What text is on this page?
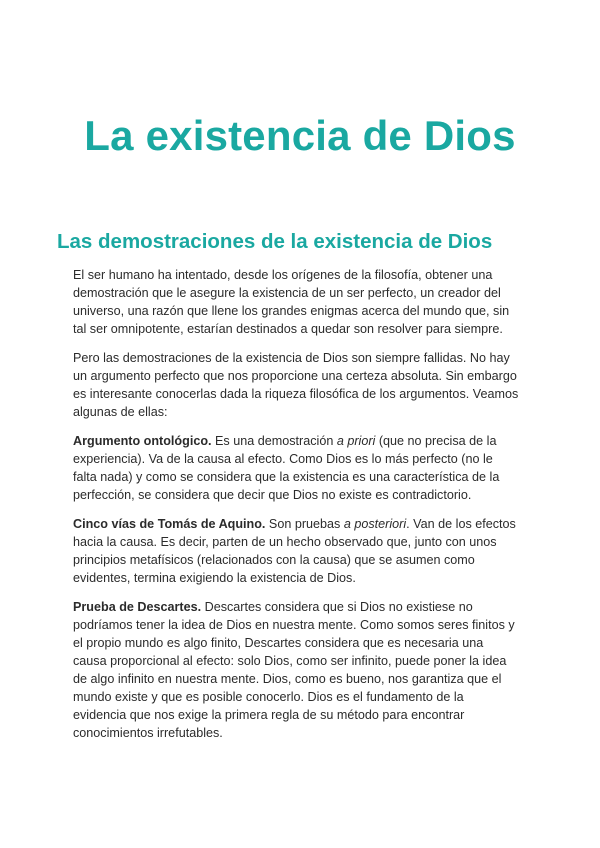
La existencia de Dios
Las demostraciones de la existencia de Dios

El ser humano ha intentado, desde los orígenes de la filosofía, obtener una demostración que le asegure la existencia de un ser perfecto, un creador del universo, una razón que llene los grandes enigmas acerca del mundo que, sin tal ser omnipotente, estarían destinados a quedar son resolver para siempre.

Pero las demostraciones de la existencia de Dios son siempre fallidas. No hay un argumento perfecto que nos proporcione una certeza absoluta. Sin embargo es interesante conocerlas dada la riqueza filosófica de los argumentos. Veamos algunas de ellas:

Argumento ontológico. Es una demostración a priori (que no precisa de la experiencia). Va de la causa al efecto. Como Dios es lo más perfecto (no le falta nada) y como se considera que la existencia es una característica de la perfección, se considera que decir que Dios no existe es contradictorio.

Cinco vías de Tomás de Aquino. Son pruebas a posteriori. Van de los efectos hacia la causa. Es decir, parten de un hecho observado que, junto con unos principios metafísicos (relacionados con la causa) que se asumen como evidentes, termina exigiendo la existencia de Dios.

Prueba de Descartes. Descartes considera que si Dios no existiese no podríamos tener la idea de Dios en nuestra mente. Como somos seres finitos y el propio mundo es algo finito, Descartes considera que es necesaria una causa proporcional al efecto: solo Dios, como ser infinito, puede poner la idea de algo infinito en nuestra mente. Dios, como es bueno, nos garantiza que el mundo existe y que es posible conocerlo. Dios es el fundamento de la evidencia que nos exige la primera regla de su método para encontrar conocimientos irrefutables.
